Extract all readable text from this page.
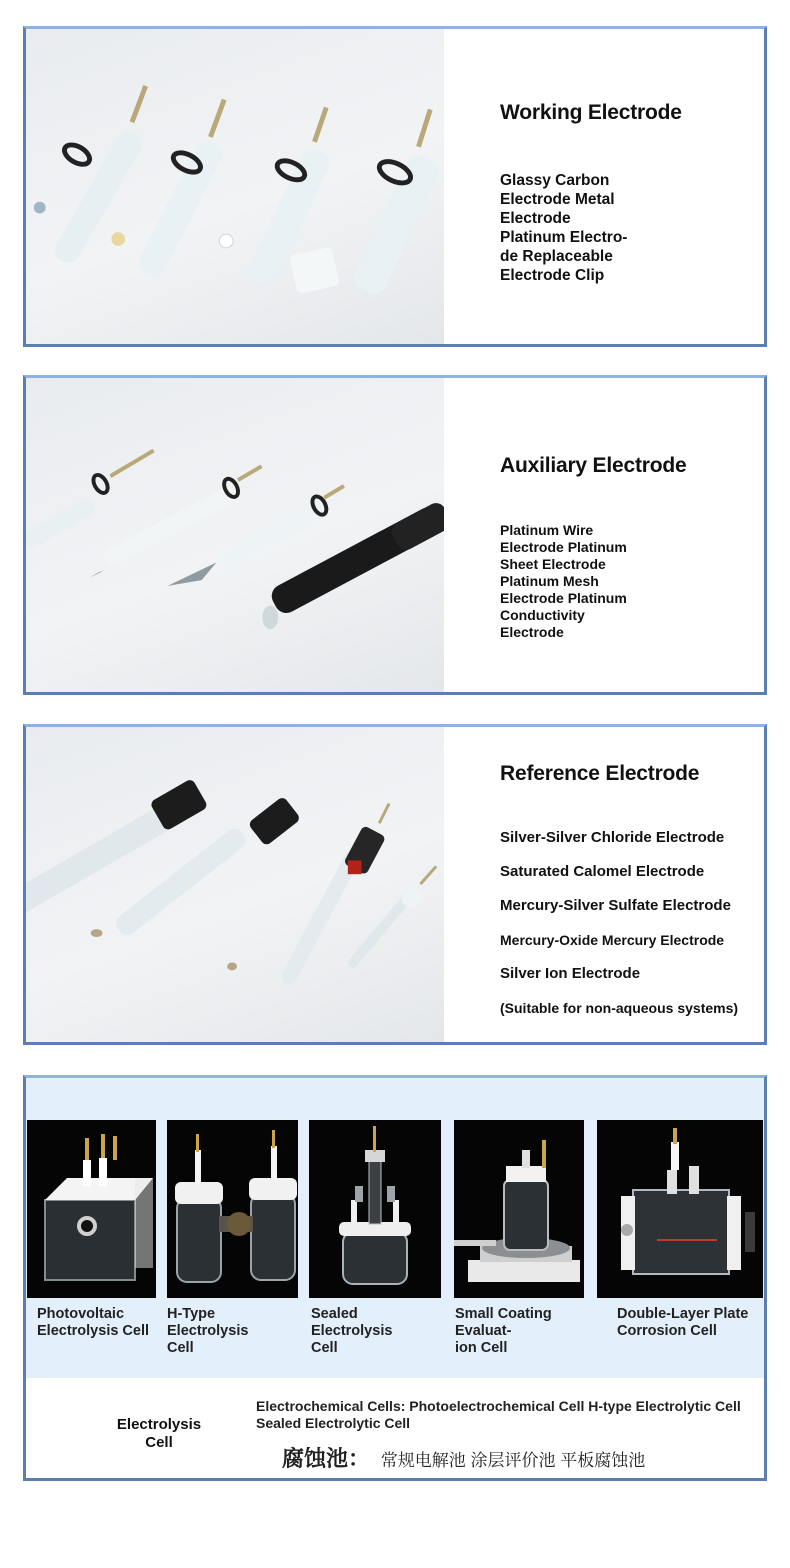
Working Electrode
Glassy Carbon
Electrode Metal
Electrode
Platinum Electro-
de Replaceable
Electrode Clip
Auxiliary Electrode
Platinum Wire
Electrode Platinum
Sheet Electrode
Platinum Mesh
Electrode Platinum
Conductivity
Electrode
Reference Electrode
Silver-Silver Chloride Electrode
Saturated Calomel Electrode
Mercury-Silver Sulfate Electrode
Mercury-Oxide Mercury Electrode
Silver Ion Electrode
(Suitable for non-aqueous systems)
Photovoltaic
Electrolysis Cell
H-Type Electrolysis
Cell
Sealed Electrolysis
Cell
Small Coating Evaluat-
ion Cell
Double-Layer Plate
Corrosion Cell
Electrolysis
Cell
Electrochemical Cells: Photoelectrochemical Cell H-type Electrolytic Cell
Sealed Electrolytic Cell
腐蚀池： 常规电解池 涂层评价池 平板腐蚀池
